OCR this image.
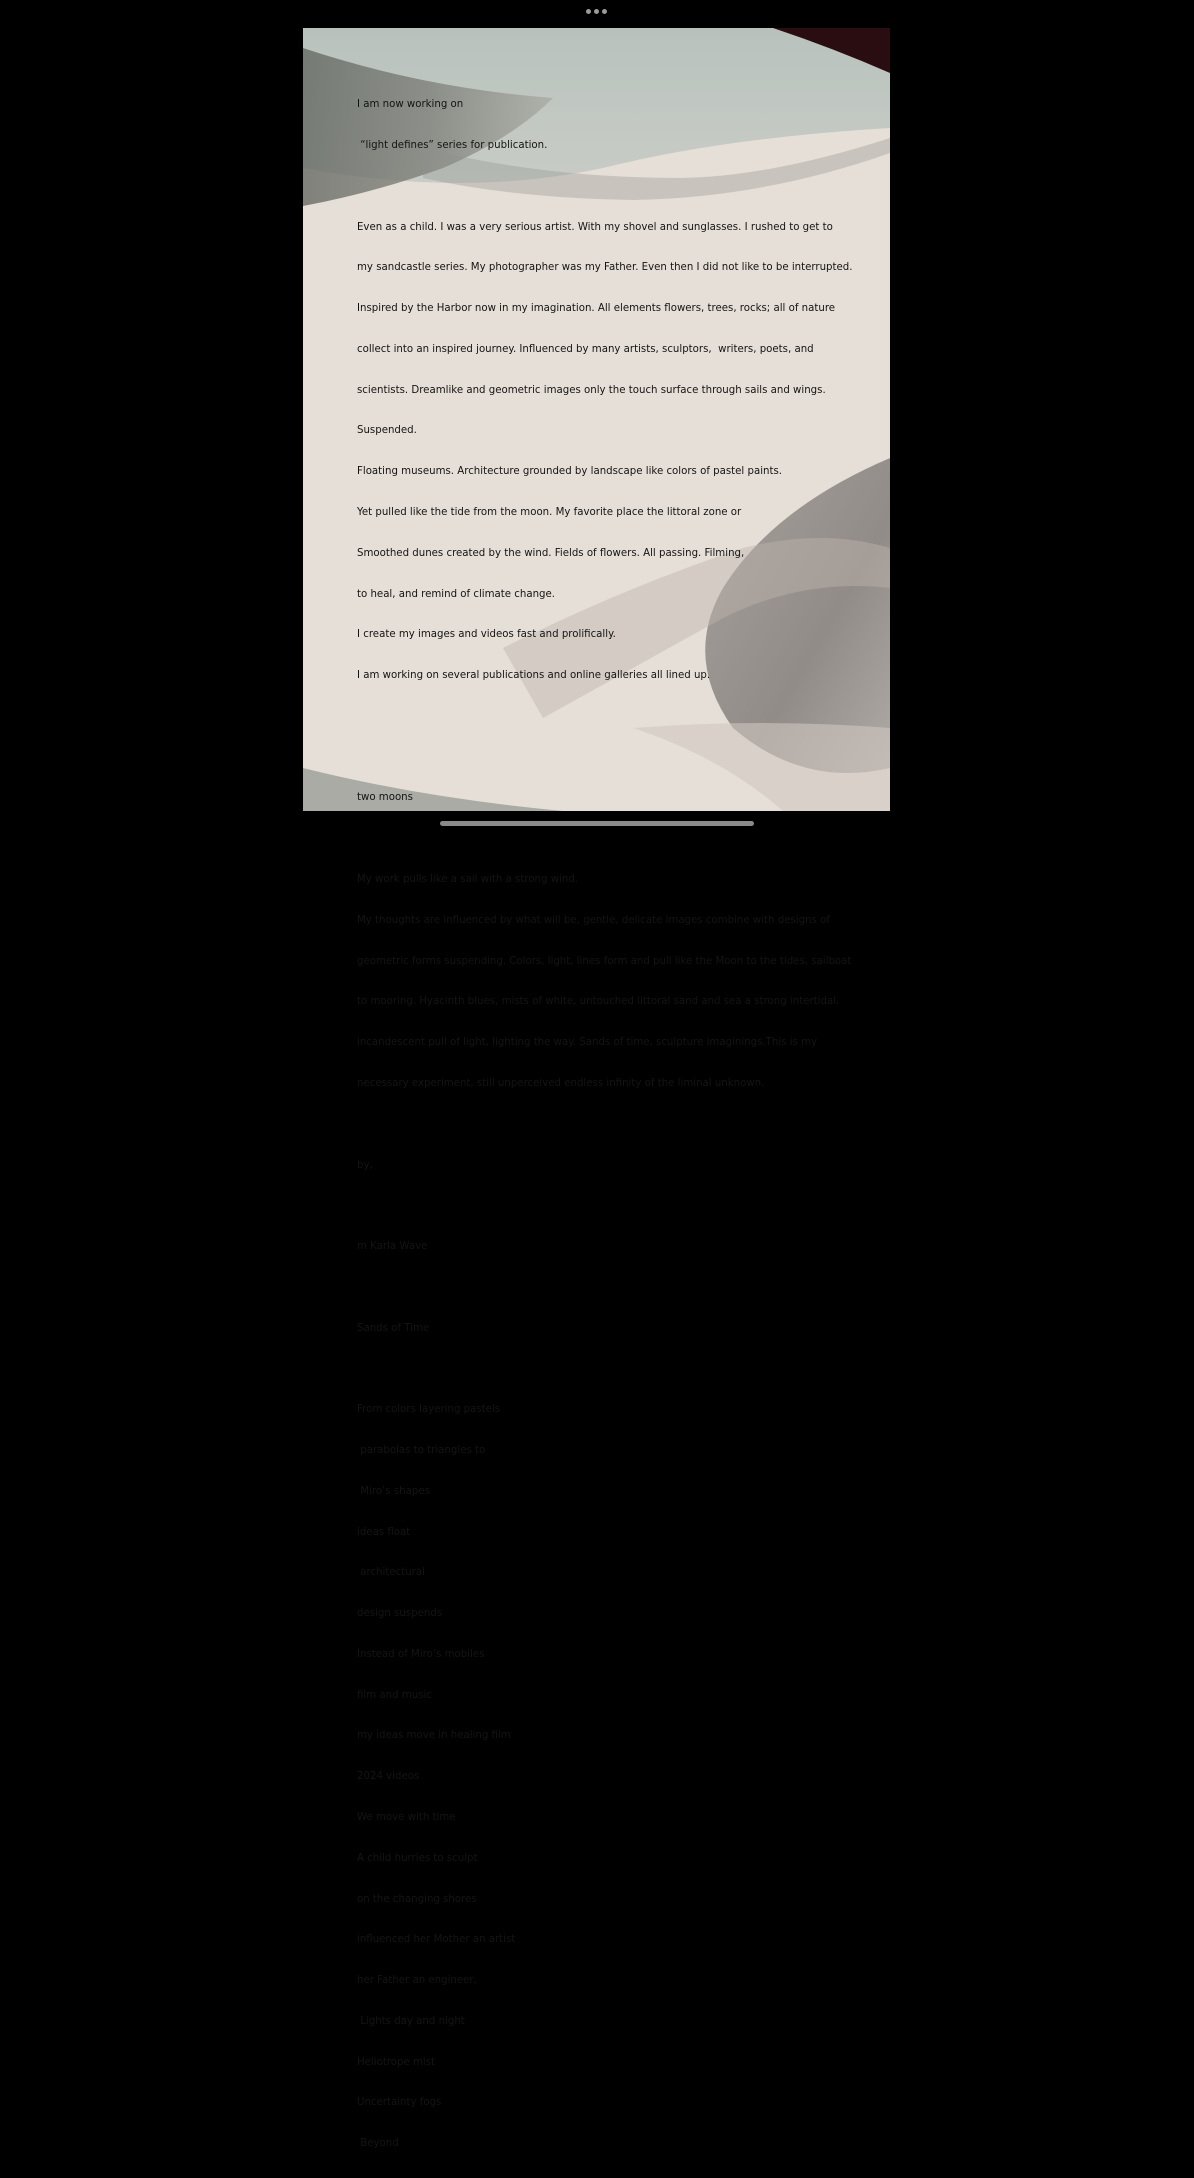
I am now working on

“light defines” series for publication.

Even as a child. I was a very serious artist. With my shovel and sunglasses. I rushed to get to

my sandcastle series. My photographer was my Father. Even then I did not like to be interrupted.

Inspired by the Harbor now in my imagination. All elements flowers, trees, rocks; all of nature

collect into an inspired journey. Influenced by many artists, sculptors,  writers, poets, and

scientists. Dreamlike and geometric images only the touch surface through sails and wings.

Suspended.

Floating museums. Architecture grounded by landscape like colors of pastel paints.

Yet pulled like the tide from the moon. My favorite place the littoral zone or

Smoothed dunes created by the wind. Fields of flowers. All passing. Filming,

to heal, and remind of climate change.

I create my images and videos fast and prolifically.

I am working on several publications and online galleries all lined up.

two moons

My work pulls like a sail with a strong wind.

My thoughts are influenced by what will be, gentle, delicate images combine with designs of

geometric forms suspending. Colors, light, lines form and pull like the Moon to the tides, sailboat

to mooring. Hyacinth blues, mists of white, untouched littoral sand and sea a strong intertidal,

incandescent pull of light, lighting the way. Sands of time, sculpture imaginings.This is my

necessary experiment, still unperceived endless infinity of the liminal unknown.

by,

m Karla Wave

Sands of Time

From colors layering pastels

parabolas to triangles to

Miro’s shapes

ideas float

architectural

design suspends

Instead of Miro’s mobiles

film and music

my ideas move in healing film

2024 videos

We move with time

A child hurries to sculpt

on the changing shores

influenced her Mother an artist

her Father an engineer,

Lights day and night

Heliotrope mist

Uncertainty fogs

Beyond
